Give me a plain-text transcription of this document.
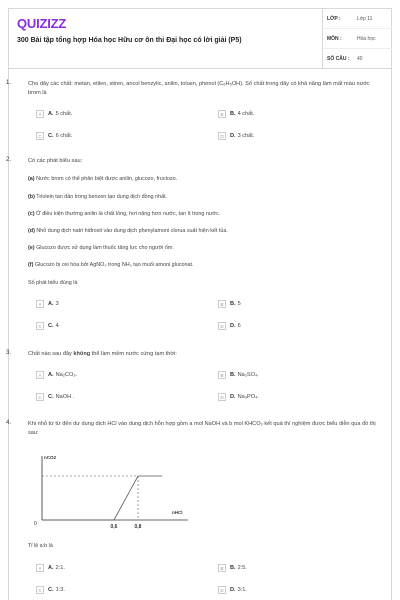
QUIZIZZ
300 Bài tập tổng hợp Hóa học Hữu cơ ôn thi Đại học có lời giải (P5)
LỚP :	Lớp 11
MÔN :	Hóa học
SỐ CÂU :	40
1.	Cho dãy các chất: metan, etilen, stiren, ancol benzylic, anilin, toluen, phenol (C₆H₅OH). Số chất trong dãy có khả năng làm mất màu nước brom là
A	A. 5 chất.	B	B. 4 chất.
C	C. 6 chất.	D	D. 3 chất.
2.	Có các phát biểu sau:
(a) Nước brom có thể phân biệt được anilin, glucozo, fructozo.
(b) Triolein tan dần trong benzen tạo dung dịch đồng nhất.
(c) Ở điều kiện thường anilin là chất lỏng, hơi nặng hơn nước, tan ít trong nước.
(d) Nhỏ dung dịch natri hiđroxit vào dung dịch phenylamoni clorua xuất hiện kết tủa.
(e) Glucozo được sử dụng làm thuốc tăng lực cho người ốm.
(f) Glucozo bị oxi hóa bởi AgNO₃ trong NH₃ tạo muối amoni gluconat.
Số phát biểu đúng là
A	A. 3	B	B. 5
C	C. 4	D	D. 6
3.	Chất nào sau đây không thể làm mềm nước cứng tạm thời:
A	A. Na₂CO₃.	B	B. Na₂SO₄.
C	C. NaOH .	D	D. Na₃PO₄.
4.	Khi nhỏ từ từ đến dư dung dịch HCl vào dung dịch hỗn hợp gồm a mol NaOH và b mol KHCO₃ kết quả thí nghiệm được biểu diễn qua đồ thị sau:
nCO2
nHCl
0	0,6	0,8
Tỉ lệ a:b là
A	A. 2:1.	B	B. 2:5.
C	C. 1:3.	D	D. 3:1.
